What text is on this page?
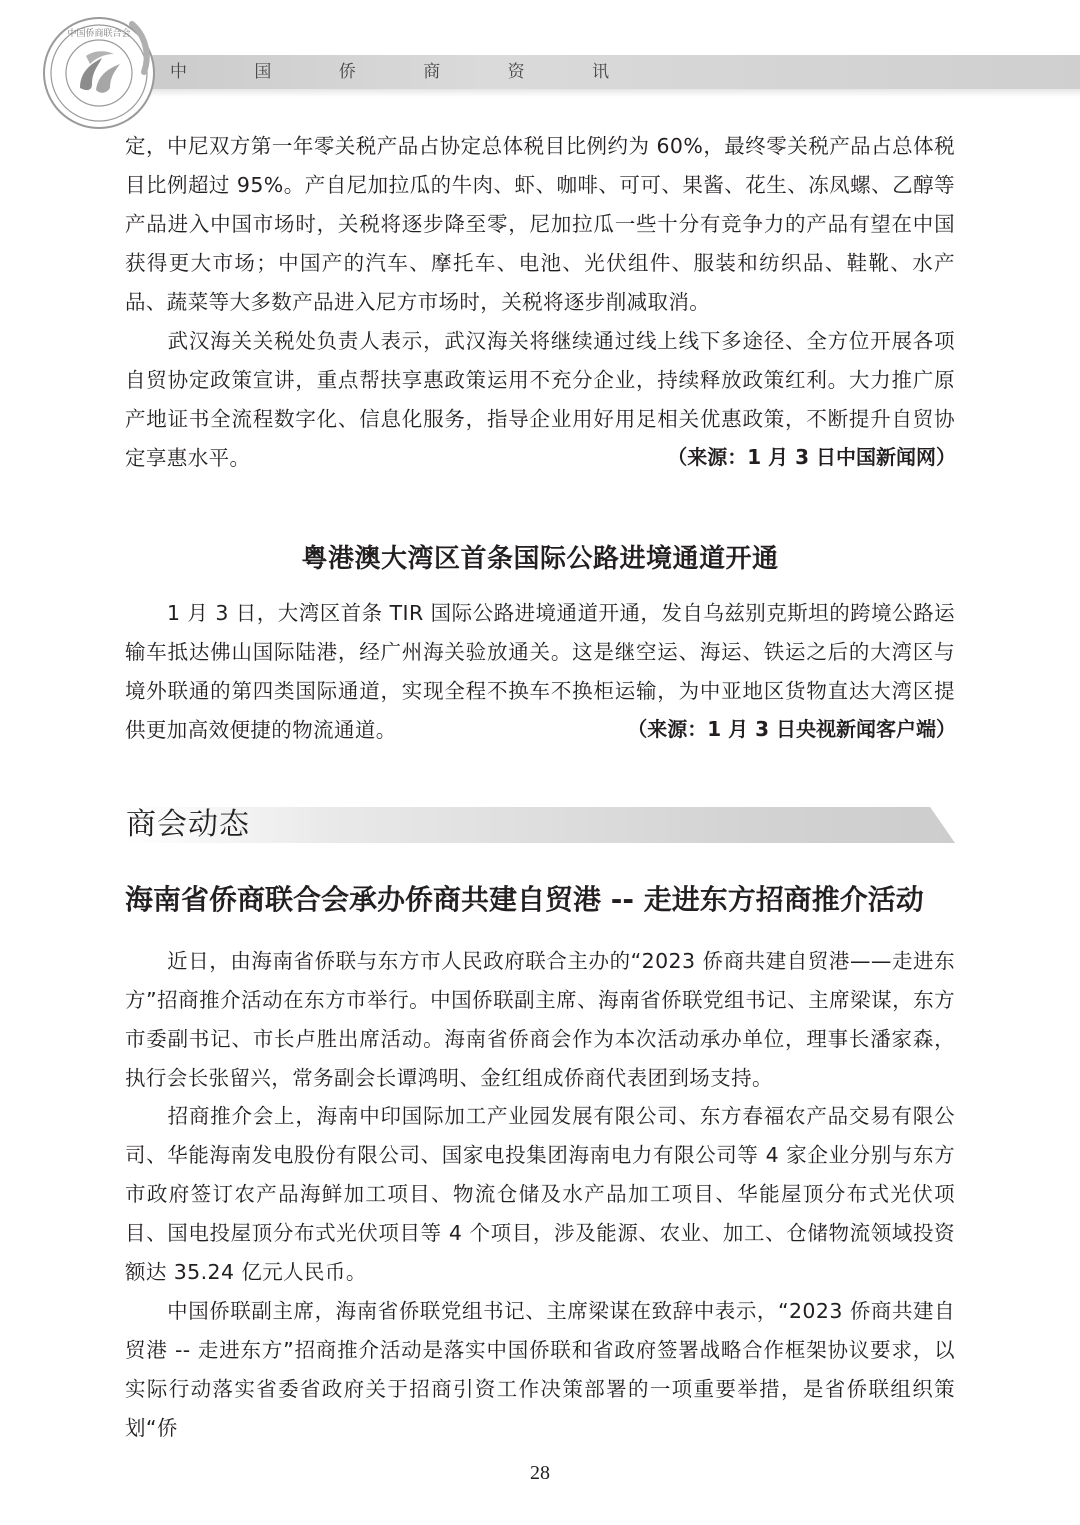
中 国 侨 商 资 讯
中国侨商联合会

定，中尼双方第一年零关税产品占协定总体税目比例约为 60%，最终零关税产品占总体税目比例超过 95%。产自尼加拉瓜的牛肉、虾、咖啡、可可、果酱、花生、冻凤螺、乙醇等产品进入中国市场时，关税将逐步降至零，尼加拉瓜一些十分有竞争力的产品有望在中国获得更大市场；中国产的汽车、摩托车、电池、光伏组件、服装和纺织品、鞋靴、水产品、蔬菜等大多数产品进入尼方市场时，关税将逐步削减取消。

　　武汉海关关税处负责人表示，武汉海关将继续通过线上线下多途径、全方位开展各项自贸协定政策宣讲，重点帮扶享惠政策运用不充分企业，持续释放政策红利。大力推广原产地证书全流程数字化、信息化服务，指导企业用好用足相关优惠政策，不断提升自贸协定享惠水平。	（来源：1 月 3 日中国新闻网）
粤港澳大湾区首条国际公路进境通道开通

　　1 月 3 日，大湾区首条 TIR 国际公路进境通道开通，发自乌兹别克斯坦的跨境公路运输车抵达佛山国际陆港，经广州海关验放通关。这是继空运、海运、铁运之后的大湾区与境外联通的第四类国际通道，实现全程不换车不换柜运输，为中亚地区货物直达大湾区提供更加高效便捷的物流通道。	（来源：1 月 3 日央视新闻客户端）
商会动态
海南省侨商联合会承办侨商共建自贸港 -- 走进东方招商推介活动

　　近日，由海南省侨联与东方市人民政府联合主办的“2023 侨商共建自贸港——走进东方”招商推介活动在东方市举行。中国侨联副主席、海南省侨联党组书记、主席梁谋，东方市委副书记、市长卢胜出席活动。海南省侨商会作为本次活动承办单位，理事长潘家森，执行会长张留兴，常务副会长谭鸿明、金红组成侨商代表团到场支持。

　　招商推介会上，海南中印国际加工产业园发展有限公司、东方春福农产品交易有限公司、华能海南发电股份有限公司、国家电投集团海南电力有限公司等 4 家企业分别与东方市政府签订农产品海鲜加工项目、物流仓储及水产品加工项目、华能屋顶分布式光伏项目、国电投屋顶分布式光伏项目等 4 个项目，涉及能源、农业、加工、仓储物流领域投资额达 35.24 亿元人民币。

　　中国侨联副主席，海南省侨联党组书记、主席梁谋在致辞中表示，“2023 侨商共建自贸港 -- 走进东方”招商推介活动是落实中国侨联和省政府签署战略合作框架协议要求，以实际行动落实省委省政府关于招商引资工作决策部署的一项重要举措，是省侨联组织策划“侨

28
